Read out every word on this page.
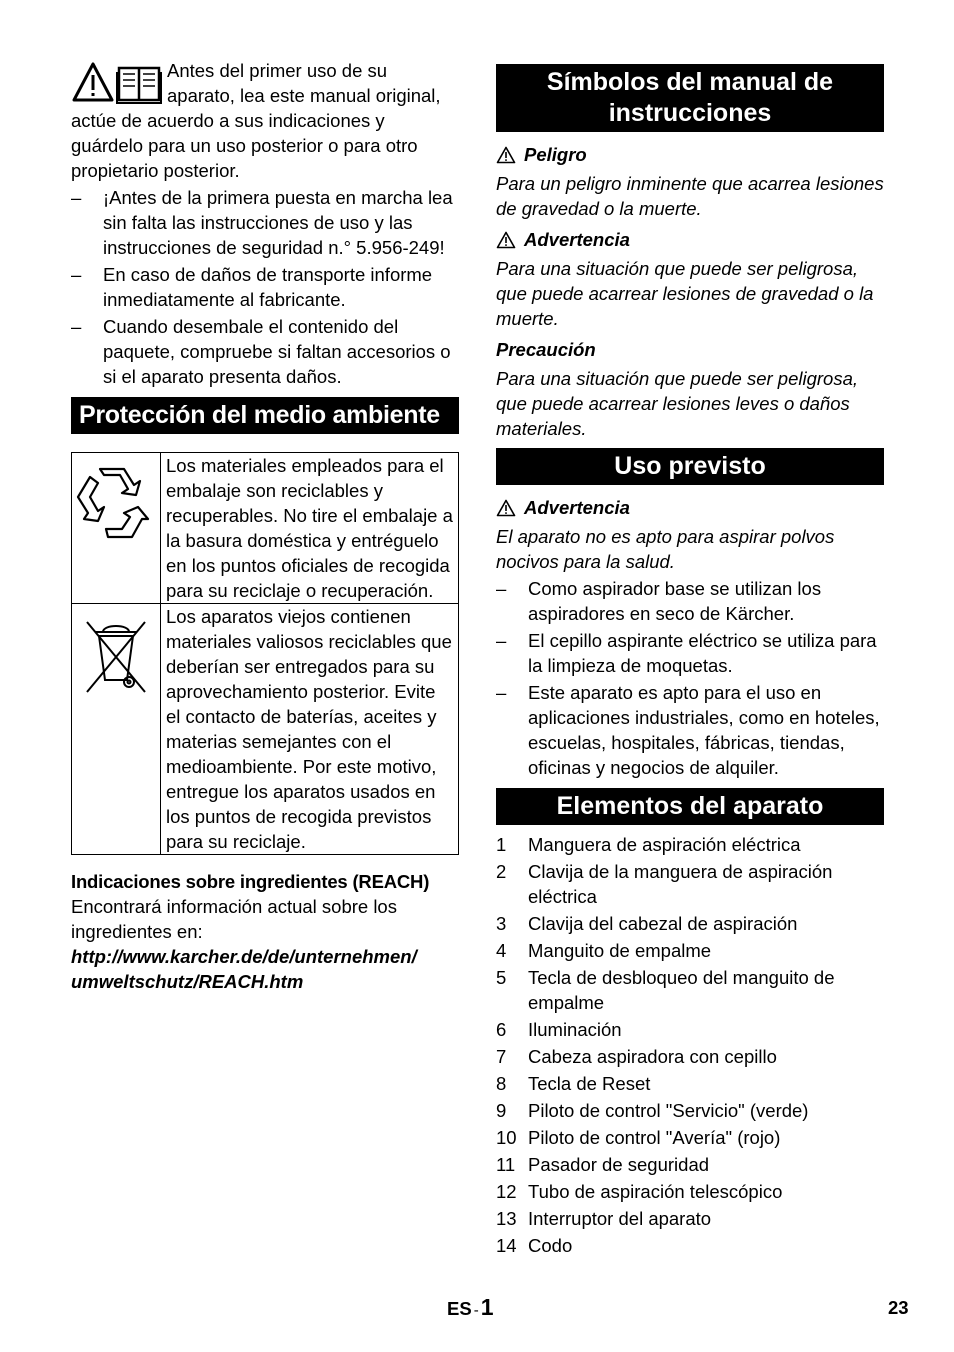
Antes del primer uso de su aparato, lea este manual original, actúe de acuerdo a sus indicaciones y guárdelo para un uso posterior o para otro propietario posterior.

– ¡Antes de la primera puesta en marcha lea sin falta las instrucciones de uso y las instrucciones de seguridad n.° 5.956-249!
– En caso de daños de transporte informe inmediatamente al fabricante.
– Cuando desembale el contenido del paquete, compruebe si faltan accesorios o si el aparato presenta daños.
Protección del medio ambiente
	Los materiales empleados para el embalaje son reciclables y recuperables. No tire el embalaje a la basura doméstica y entréguelo en los puntos oficiales de recogida para su reciclaje o recuperación.
	Los aparatos viejos contienen materiales valiosos reciclables que deberían ser entregados para su aprovechamiento posterior. Evite el contacto de baterías, aceites y materias semejantes con el medioambiente. Por este motivo, entregue los aparatos usados en los puntos de recogida previstos para su reciclaje.

Indicaciones sobre ingredientes (REACH)

Encontrará información actual sobre los ingredientes en:

http://www.karcher.de/de/unternehmen/
umweltschutz/REACH.htm

Símbolos del manual de
instrucciones

Peligro

Para un peligro inminente que acarrea lesiones de gravedad o la muerte.

Advertencia

Para una situación que puede ser peligrosa, que puede acarrear lesiones de gravedad o la muerte.

Precaución

Para una situación que puede ser peligrosa, que puede acarrear lesiones leves o daños materiales.

Uso previsto

Advertencia

El aparato no es apto para aspirar polvos nocivos para la salud.

– Como aspirador base se utilizan los aspiradores en seco de Kärcher.
– El cepillo aspirante eléctrico se utiliza para la limpieza de moquetas.
– Este aparato es apto para el uso en aplicaciones industriales, como en hoteles, escuelas, hospitales, fábricas, tiendas, oficinas y negocios de alquiler.
Elementos del aparato
1 Manguera de aspiración eléctrica
2 Clavija de la manguera de aspiración eléctrica
3 Clavija del cabezal de aspiración
4 Manguito de empalme
5 Tecla de desbloqueo del manguito de empalme
6 Iluminación
7 Cabeza aspiradora con cepillo
8 Tecla de Reset
9 Piloto de control "Servicio" (verde)
10 Piloto de control "Avería" (rojo)
11 Pasador de seguridad
12 Tubo de aspiración telescópico
13 Interruptor del aparato
14 Codo
ES -1	23
